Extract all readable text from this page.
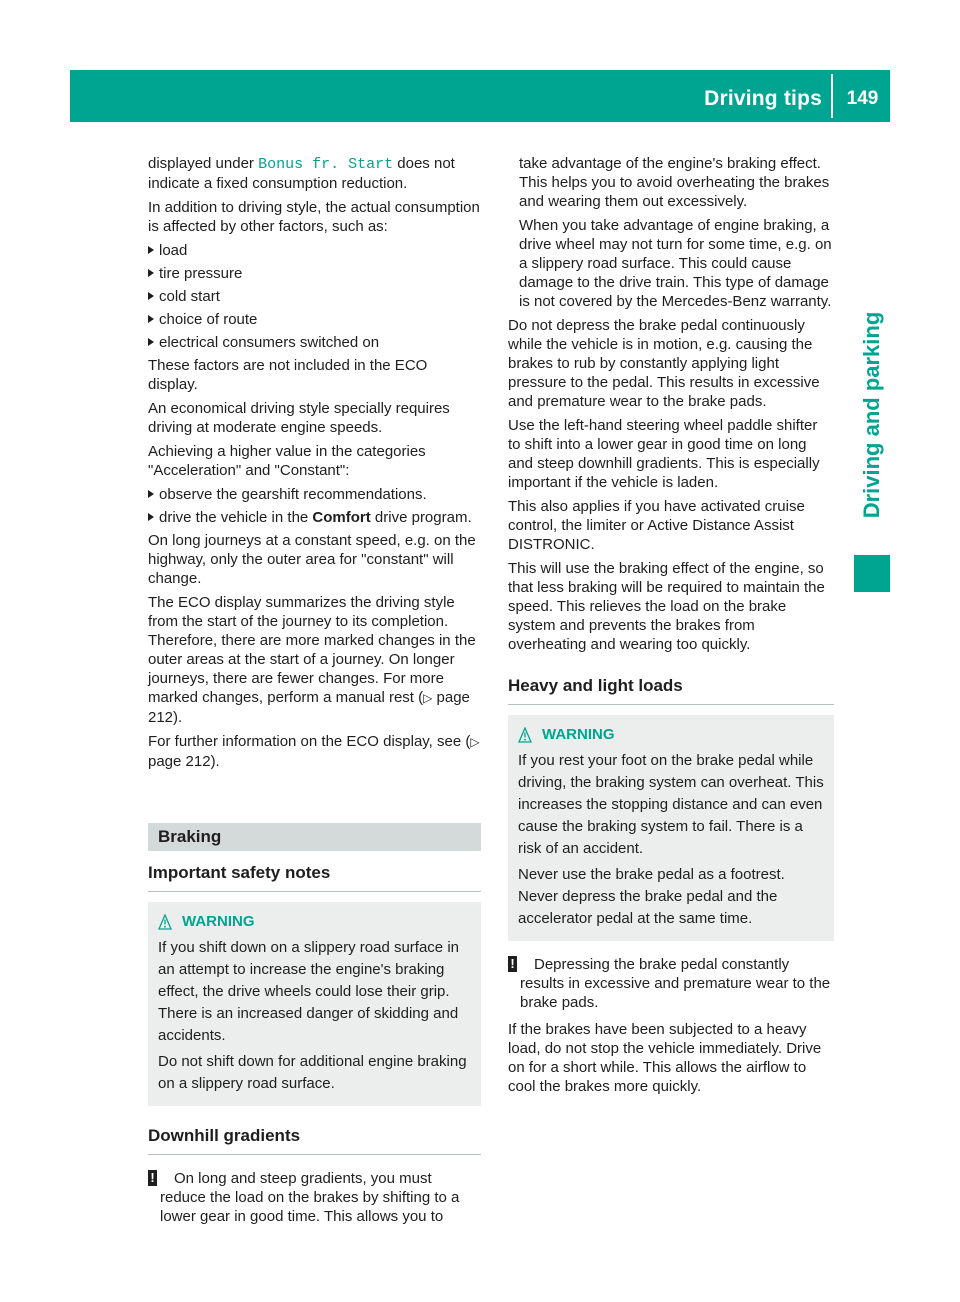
Driving tips	149
Driving and parking

displayed under Bonus fr. Start does not indicate a fixed consumption reduction.

In addition to driving style, the actual consumption is affected by other factors, such as:

load
tire pressure
cold start
choice of route
electrical consumers switched on

These factors are not included in the ECO display.

An economical driving style specially requires driving at moderate engine speeds.

Achieving a higher value in the categories "Acceleration" and "Constant":

observe the gearshift recommendations.
drive the vehicle in the Comfort drive program.

On long journeys at a constant speed, e.g. on the highway, only the outer area for "constant" will change.

The ECO display summarizes the driving style from the start of the journey to its completion. Therefore, there are more marked changes in the outer areas at the start of a journey. On longer journeys, there are fewer changes. For more marked changes, perform a manual rest (▷ page 212).

For further information on the ECO display, see (▷ page 212).

Braking
Important safety notes
WARNING

If you shift down on a slippery road surface in an attempt to increase the engine's braking effect, the drive wheels could lose their grip. There is an increased danger of skidding and accidents.

Do not shift down for additional engine braking on a slippery road surface.

Downhill gradients
! On long and steep gradients, you must reduce the load on the brakes by shifting to a lower gear in good time. This allows you to

take advantage of the engine's braking effect. This helps you to avoid overheating the brakes and wearing them out excessively.

When you take advantage of engine braking, a drive wheel may not turn for some time, e.g. on a slippery road surface. This could cause damage to the drive train. This type of damage is not covered by the Mercedes-Benz warranty.

Do not depress the brake pedal continuously while the vehicle is in motion, e.g. causing the brakes to rub by constantly applying light pressure to the pedal. This results in excessive and premature wear to the brake pads.

Use the left-hand steering wheel paddle shifter to shift into a lower gear in good time on long and steep downhill gradients. This is especially important if the vehicle is laden.

This also applies if you have activated cruise control, the limiter or Active Distance Assist DISTRONIC.

This will use the braking effect of the engine, so that less braking will be required to maintain the speed. This relieves the load on the brake system and prevents the brakes from overheating and wearing too quickly.

Heavy and light loads
WARNING

If you rest your foot on the brake pedal while driving, the braking system can overheat. This increases the stopping distance and can even cause the braking system to fail. There is a risk of an accident.

Never use the brake pedal as a footrest. Never depress the brake pedal and the accelerator pedal at the same time.

! Depressing the brake pedal constantly results in excessive and premature wear to the brake pads.

If the brakes have been subjected to a heavy load, do not stop the vehicle immediately. Drive on for a short while. This allows the airflow to cool the brakes more quickly.
